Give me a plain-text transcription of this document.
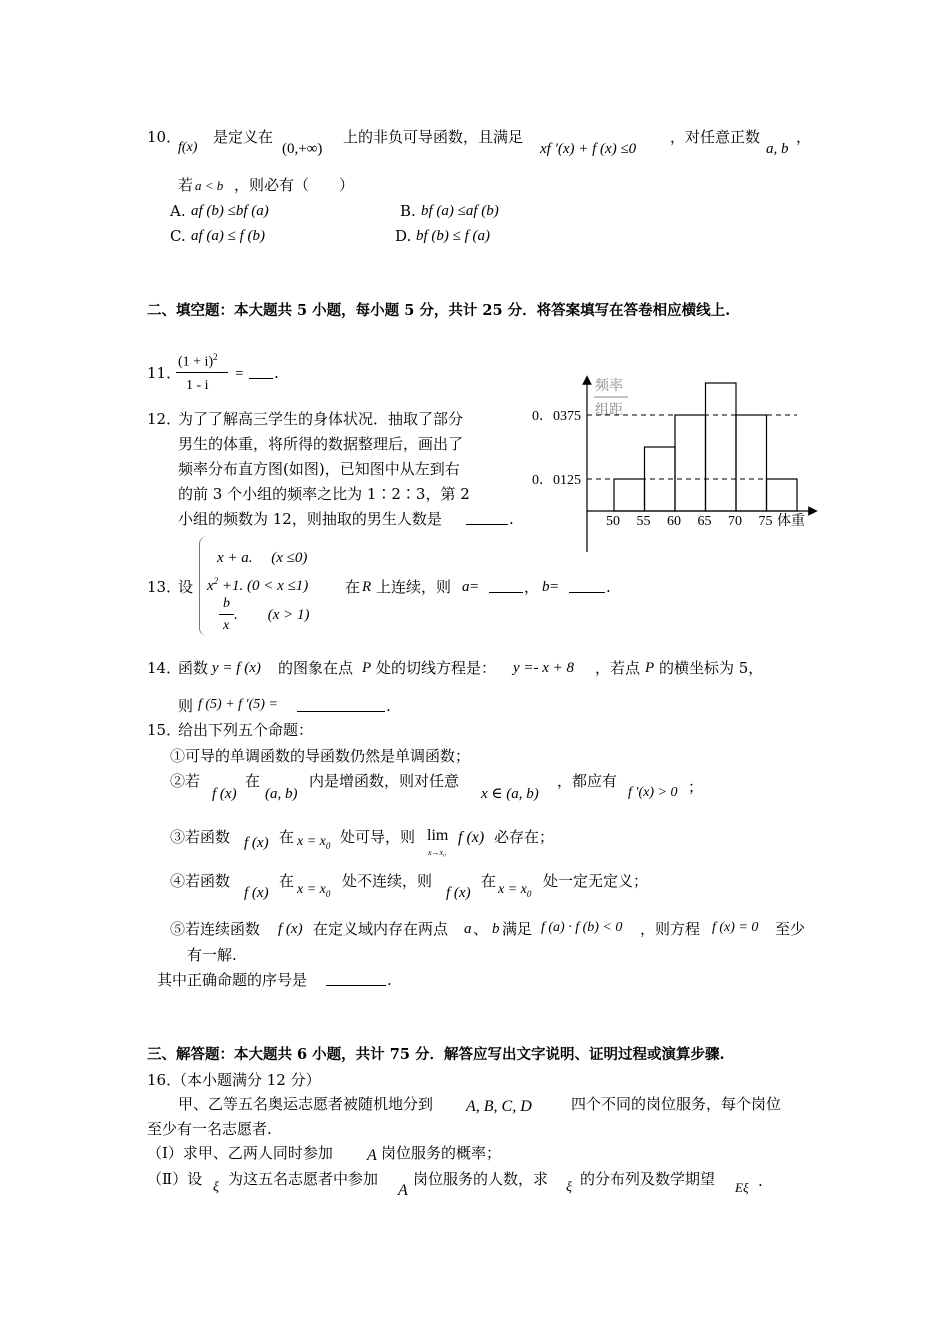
10．
f(x)
是定义在
(0,+∞)
上的非负可导函数，且满足
xf ′(x) + f (x) ≤0
，对任意正数
a, b
，
若 a < b ，则必有（　　）
A. af (b) ≤bf (a)	B. bf (a) ≤af (b)
C. af (a) ≤ f (b)	D. bf (b) ≤ f (a)
二、填空题：本大题共 5 小题，每小题 5 分，共计 25 分．将答案填写在答卷相应横线上.
11．
$(1 + i)^2$
1 - i
= .
12．
为了了解高三学生的身体状况．抽取了部分
男生的体重，将所得的数据整理后，画出了
频率分布直方图(如图)，已知图中从左到右
的前 3 个小组的频率之比为 1∶2∶3，第 2
小组的频数为 12，则抽取的男生人数是	.
频率
组距
0．0375
0．0125
50 55 60 65 70 75 体重
13．
设
x + a.　 (x ≤0)
$x^2 +1$. (0 < x ≤1)
b
x
.　　(x > 1)
在 R 上连续，则 a =	， b =	.
14．
函数 y = f (x) 的图象在点 P 处的切线方程是： y =- x + 8 ，若点 P 的横坐标为 5，
则 f (5) + f ′(5) =	.
15．
给出下列五个命题：
①可导的单调函数的导函数仍然是单调函数；
②若
f (x)
在
(a, b)
内是增函数，则对任意
x ∈ (a, b)
，都应有
f ′(x) > 0 ；
③若函数 f (x) 在 $x = x_0$ 处可导，则 lim
x→x₀
f (x) 必存在；
④若函数
f (x)
在 $x = x_0$
处不连续，则
f (x)
在 $x = x_0$
处一定无定义；
⑤若连续函数 f (x) 在定义域内存在两点 a 、 b 满足 f (a) · f (b) < 0 ，则方程 f (x) = 0 至少
有一解.
其中正确命题的序号是	.
三、解答题：本大题共 6 小题，共计 75 分．解答应写出文字说明、证明过程或演算步骤.
16．
（本小题满分 12 分）
甲、乙等五名奥运志愿者被随机地分到 A, B, C, D	四个不同的岗位服务，每个岗位
至少有一名志愿者.
（Ⅰ）求甲、乙两人同时参加 A 岗位服务的概率；
（Ⅱ）设 ξ 为这五名志愿者中参加
A
岗位服务的人数，求 ξ 的分布列及数学期望 Eξ .
